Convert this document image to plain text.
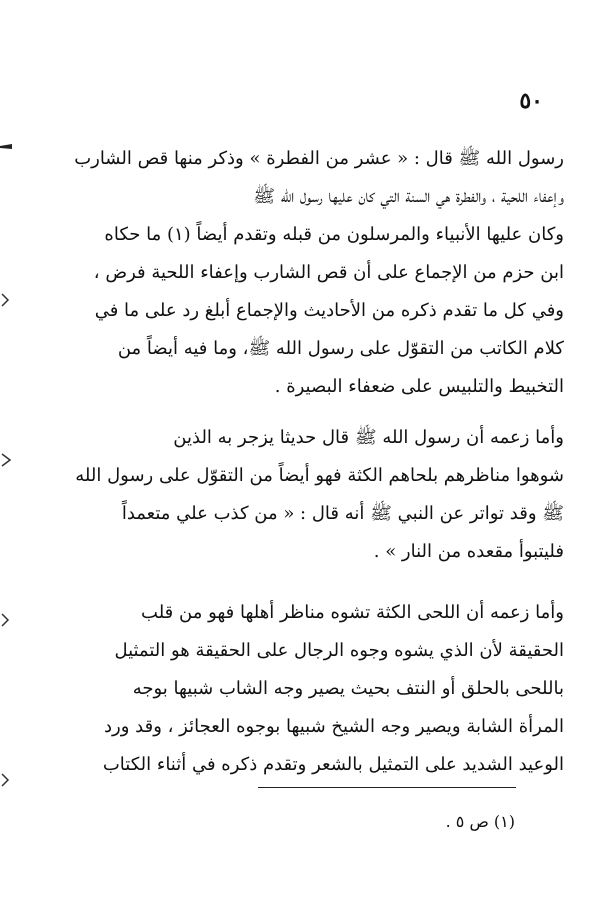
٥٠
رسول الله ﷺ قال : « عشر من الفطرة » وذكر منها قص الشارب
وإعفاء اللحية ، والفطرة هي السنة التي كان عليها رسول الله ﷺ
وكان عليها الأنبياء والمرسلون من قبله وتقدم أيضاً (١) ما حكاه
ابن حزم من الإجماع على أن قص الشارب وإعفاء اللحية فرض ،
وفي كل ما تقدم ذكره من الأحاديث والإجماع أبلغ رد على ما في
كلام الكاتب من التقوّل على رسول الله ﷺ، وما فيه أيضاً من
التخبيط والتلبيس على ضعفاء البصيرة .
وأما زعمه أن رسول الله ﷺ قال حديثا يزجر به الذين
شوهوا مناظرهم بلحاهم الكثة فهو أيضاً من التقوّل على رسول الله
ﷺ وقد تواتر عن النبي ﷺ أنه قال : « من كذب علي متعمداً
فليتبوأ مقعده من النار » .
وأما زعمه أن اللحى الكثة تشوه مناظر أهلها فهو من قلب
الحقيقة لأن الذي يشوه وجوه الرجال على الحقيقة هو التمثيل
باللحى بالحلق أو النتف بحيث يصير وجه الشاب شبيها بوجه
المرأة الشابة ويصير وجه الشيخ شبيها بوجوه العجائز ، وقد ورد
الوعيد الشديد على التمثيل بالشعر وتقدم ذكره في أثناء الكتاب
(١) ص ٥ .
